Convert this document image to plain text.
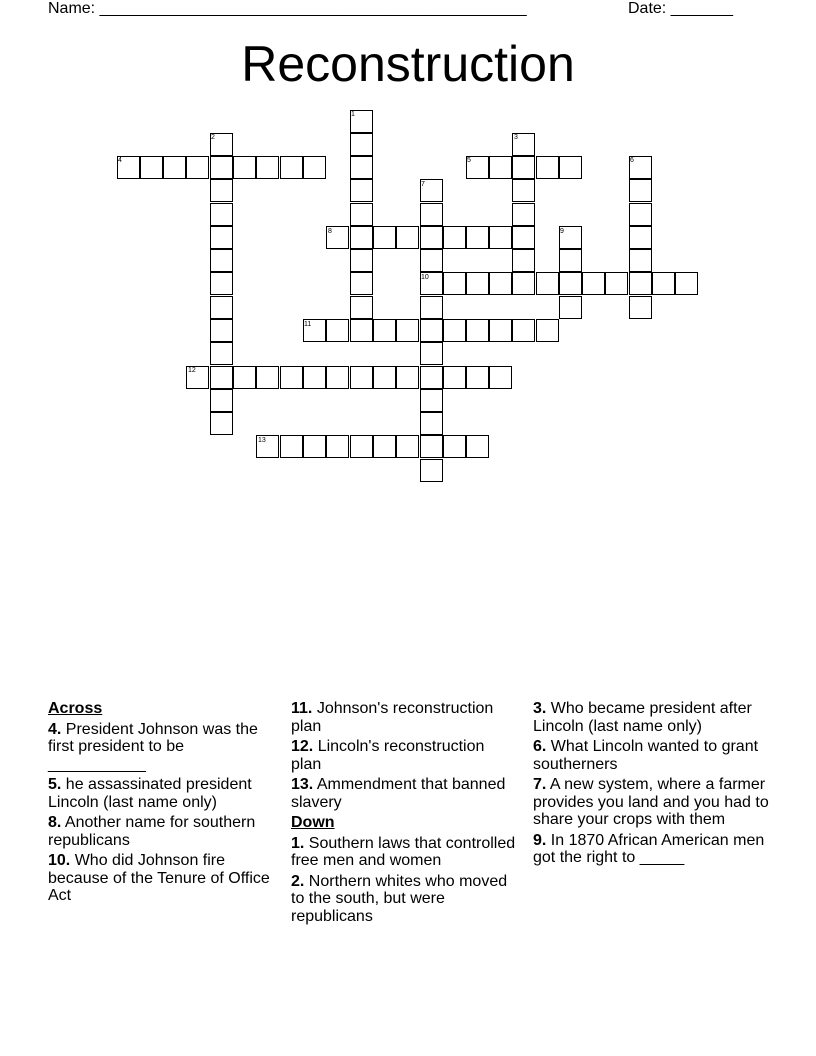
Name: ________________________________________________	Date: _______
Reconstruction
1
2	3
4	5	6
7
8	9
10
11
12
13
Across
4. President Johnson was the first president to be ___________
5. he assassinated president Lincoln (last name only)
8. Another name for southern republicans
10. Who did Johnson fire because of the Tenure of Office Act
11. Johnson's reconstruction plan
12. Lincoln's reconstruction plan
13. Ammendment that banned slavery
Down
1. Southern laws that controlled free men and women
2. Northern whites who moved to the south, but were republicans
3. Who became president after Lincoln (last name only)
6. What Lincoln wanted to grant southerners
7. A new system, where a farmer provides you land and you had to share your crops with them
9. In 1870 African American men got the right to _____
